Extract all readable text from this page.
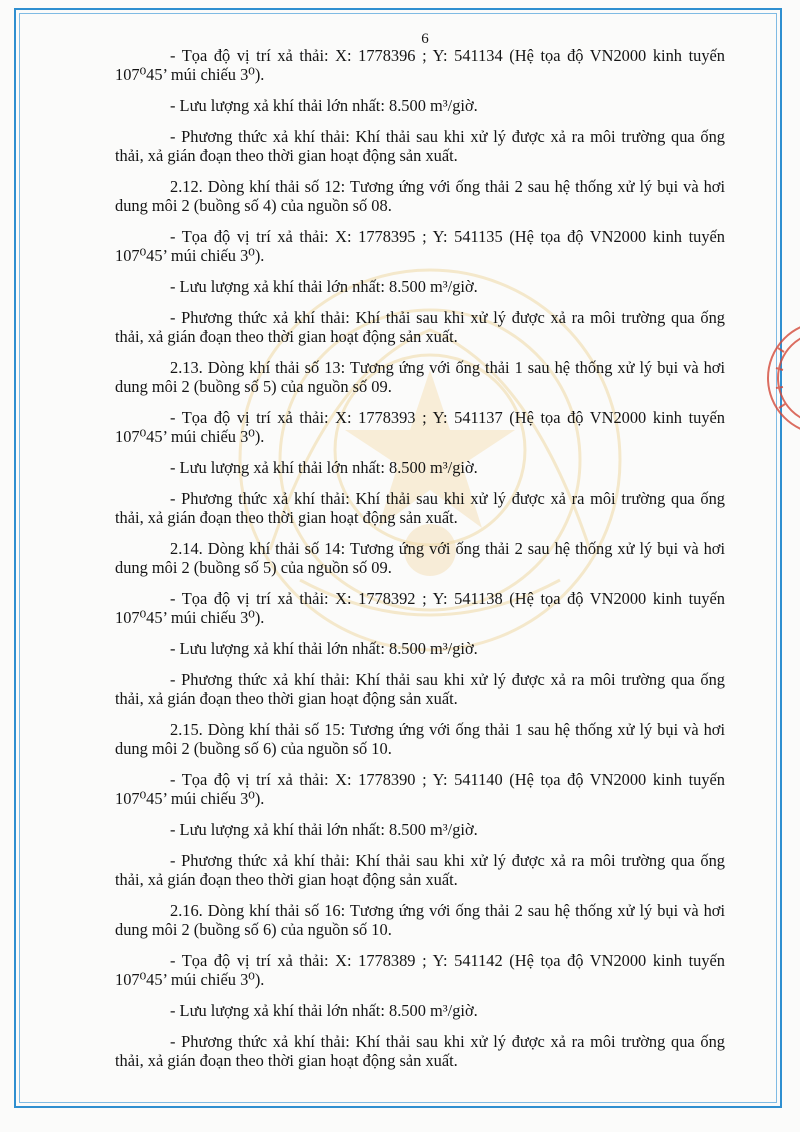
6

- Tọa độ vị trí xả thải: X: 1778396 ; Y: 541134 (Hệ tọa độ VN2000 kinh tuyến 107⁰45’ múi chiếu 3⁰).

- Lưu lượng xả khí thải lớn nhất: 8.500 m³/giờ.

- Phương thức xả khí thải: Khí thải sau khi xử lý được xả ra môi trường qua ống thải, xả gián đoạn theo thời gian hoạt động sản xuất.

2.12. Dòng khí thải số 12: Tương ứng với ống thải 2 sau hệ thống xử lý bụi và hơi dung môi 2 (buồng số 4) của nguồn số 08.

- Tọa độ vị trí xả thải: X: 1778395 ; Y: 541135 (Hệ tọa độ VN2000 kinh tuyến 107⁰45’ múi chiếu 3⁰).

- Lưu lượng xả khí thải lớn nhất: 8.500 m³/giờ.

- Phương thức xả khí thải: Khí thải sau khi xử lý được xả ra môi trường qua ống thải, xả gián đoạn theo thời gian hoạt động sản xuất.

2.13. Dòng khí thải số 13: Tương ứng với ống thải 1 sau hệ thống xử lý bụi và hơi dung môi 2 (buồng số 5) của nguồn số 09.

- Tọa độ vị trí xả thải: X: 1778393 ; Y: 541137 (Hệ tọa độ VN2000 kinh tuyến 107⁰45’ múi chiếu 3⁰).

- Lưu lượng xả khí thải lớn nhất: 8.500 m³/giờ.

- Phương thức xả khí thải: Khí thải sau khi xử lý được xả ra môi trường qua ống thải, xả gián đoạn theo thời gian hoạt động sản xuất.

2.14. Dòng khí thải số 14: Tương ứng với ống thải 2 sau hệ thống xử lý bụi và hơi dung môi 2 (buồng số 5) của nguồn số 09.

- Tọa độ vị trí xả thải: X: 1778392 ; Y: 541138 (Hệ tọa độ VN2000 kinh tuyến 107⁰45’ múi chiếu 3⁰).

- Lưu lượng xả khí thải lớn nhất: 8.500 m³/giờ.

- Phương thức xả khí thải: Khí thải sau khi xử lý được xả ra môi trường qua ống thải, xả gián đoạn theo thời gian hoạt động sản xuất.

2.15. Dòng khí thải số 15: Tương ứng với ống thải 1 sau hệ thống xử lý bụi và hơi dung môi 2 (buồng số 6) của nguồn số 10.

- Tọa độ vị trí xả thải: X: 1778390 ; Y: 541140 (Hệ tọa độ VN2000 kinh tuyến 107⁰45’ múi chiếu 3⁰).

- Lưu lượng xả khí thải lớn nhất: 8.500 m³/giờ.

- Phương thức xả khí thải: Khí thải sau khi xử lý được xả ra môi trường qua ống thải, xả gián đoạn theo thời gian hoạt động sản xuất.

2.16. Dòng khí thải số 16: Tương ứng với ống thải 2 sau hệ thống xử lý bụi và hơi dung môi 2 (buồng số 6) của nguồn số 10.

- Tọa độ vị trí xả thải: X: 1778389 ; Y: 541142 (Hệ tọa độ VN2000 kinh tuyến 107⁰45’ múi chiếu 3⁰).

- Lưu lượng xả khí thải lớn nhất: 8.500 m³/giờ.

- Phương thức xả khí thải: Khí thải sau khi xử lý được xả ra môi trường qua ống thải, xả gián đoạn theo thời gian hoạt động sản xuất.
